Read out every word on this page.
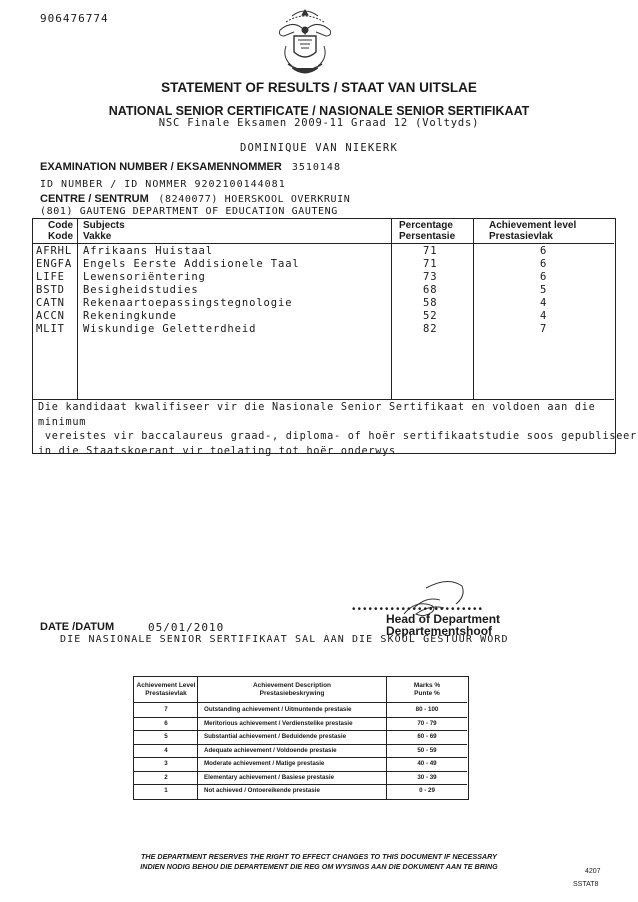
906476774
STATEMENT OF RESULTS / STAAT VAN UITSLAE
NATIONAL SENIOR CERTIFICATE / NASIONALE SENIOR SERTIFIKAAT
NSC Finale Eksamen 2009-11 Graad 12 (Voltyds)
DOMINIQUE VAN NIEKERK
EXAMINATION NUMBER / EKSAMENNOMMER 3510148
ID NUMBER / ID NOMMER 9202100144081
CENTRE / SENTRUM (8240077) HOERSKOOL OVERKRUIN
(801) GAUTENG DEPARTMENT OF EDUCATION GAUTENG
Code
Kode
Subjects
Vakke
Percentage
Persentasie
Achievement level
Prestasievlak
AFRHL Afrikaans Huistaal	71	6
ENGFA Engels Eerste Addisionele Taal	71	6
LIFE Lewensoriëntering	73	6
BSTD Besigheidstudies	68	5
CATN Rekenaartoepassingstegnologie	58	4
ACCN Rekeningkunde	52	4
MLIT Wiskundige Geletterdheid	82	7
Die kandidaat kwalifiseer vir die Nasionale Senior Sertifikaat en voldoen aan die minimum
vereistes vir baccalaureus graad-, diploma- of hoër sertifikaatstudie soos gepubliseer
in die Staatskoerant vir toelating tot hoër onderwys
••••••••••••••••••••••••
Head of Department
Departementshoof
DATE /DATUM	05/01/2010
DIE NASIONALE SENIOR SERTIFIKAAT SAL AAN DIE SKOOL GESTUUR WORD
Achievement Level
Prestasievlak
Achievement Description
Prestasiebeskrywing
Marks %
Punte %
7	Outstanding achievement / Uitmuntende prestasie	80 - 100
6	Meritorious achievement / Verdienstelike prestasie	70 - 79
5	Substantial achievement / Beduidende prestasie	60 - 69
4	Adequate achievement / Voldoende prestasie	50 - 59
3	Moderate achievement / Matige prestasie	40 - 49
2	Elementary achievement / Basiese prestasie	30 - 39
1	Not achieved / Ontoereikende prestasie	0 - 29
THE DEPARTMENT RESERVES THE RIGHT TO EFFECT CHANGES TO THIS DOCUMENT IF NECESSARY
INDIEN NODIG BEHOU DIE DEPARTEMENT DIE REG OM WYSINGS AAN DIE DOKUMENT AAN TE BRING
4207
SSTAT8
